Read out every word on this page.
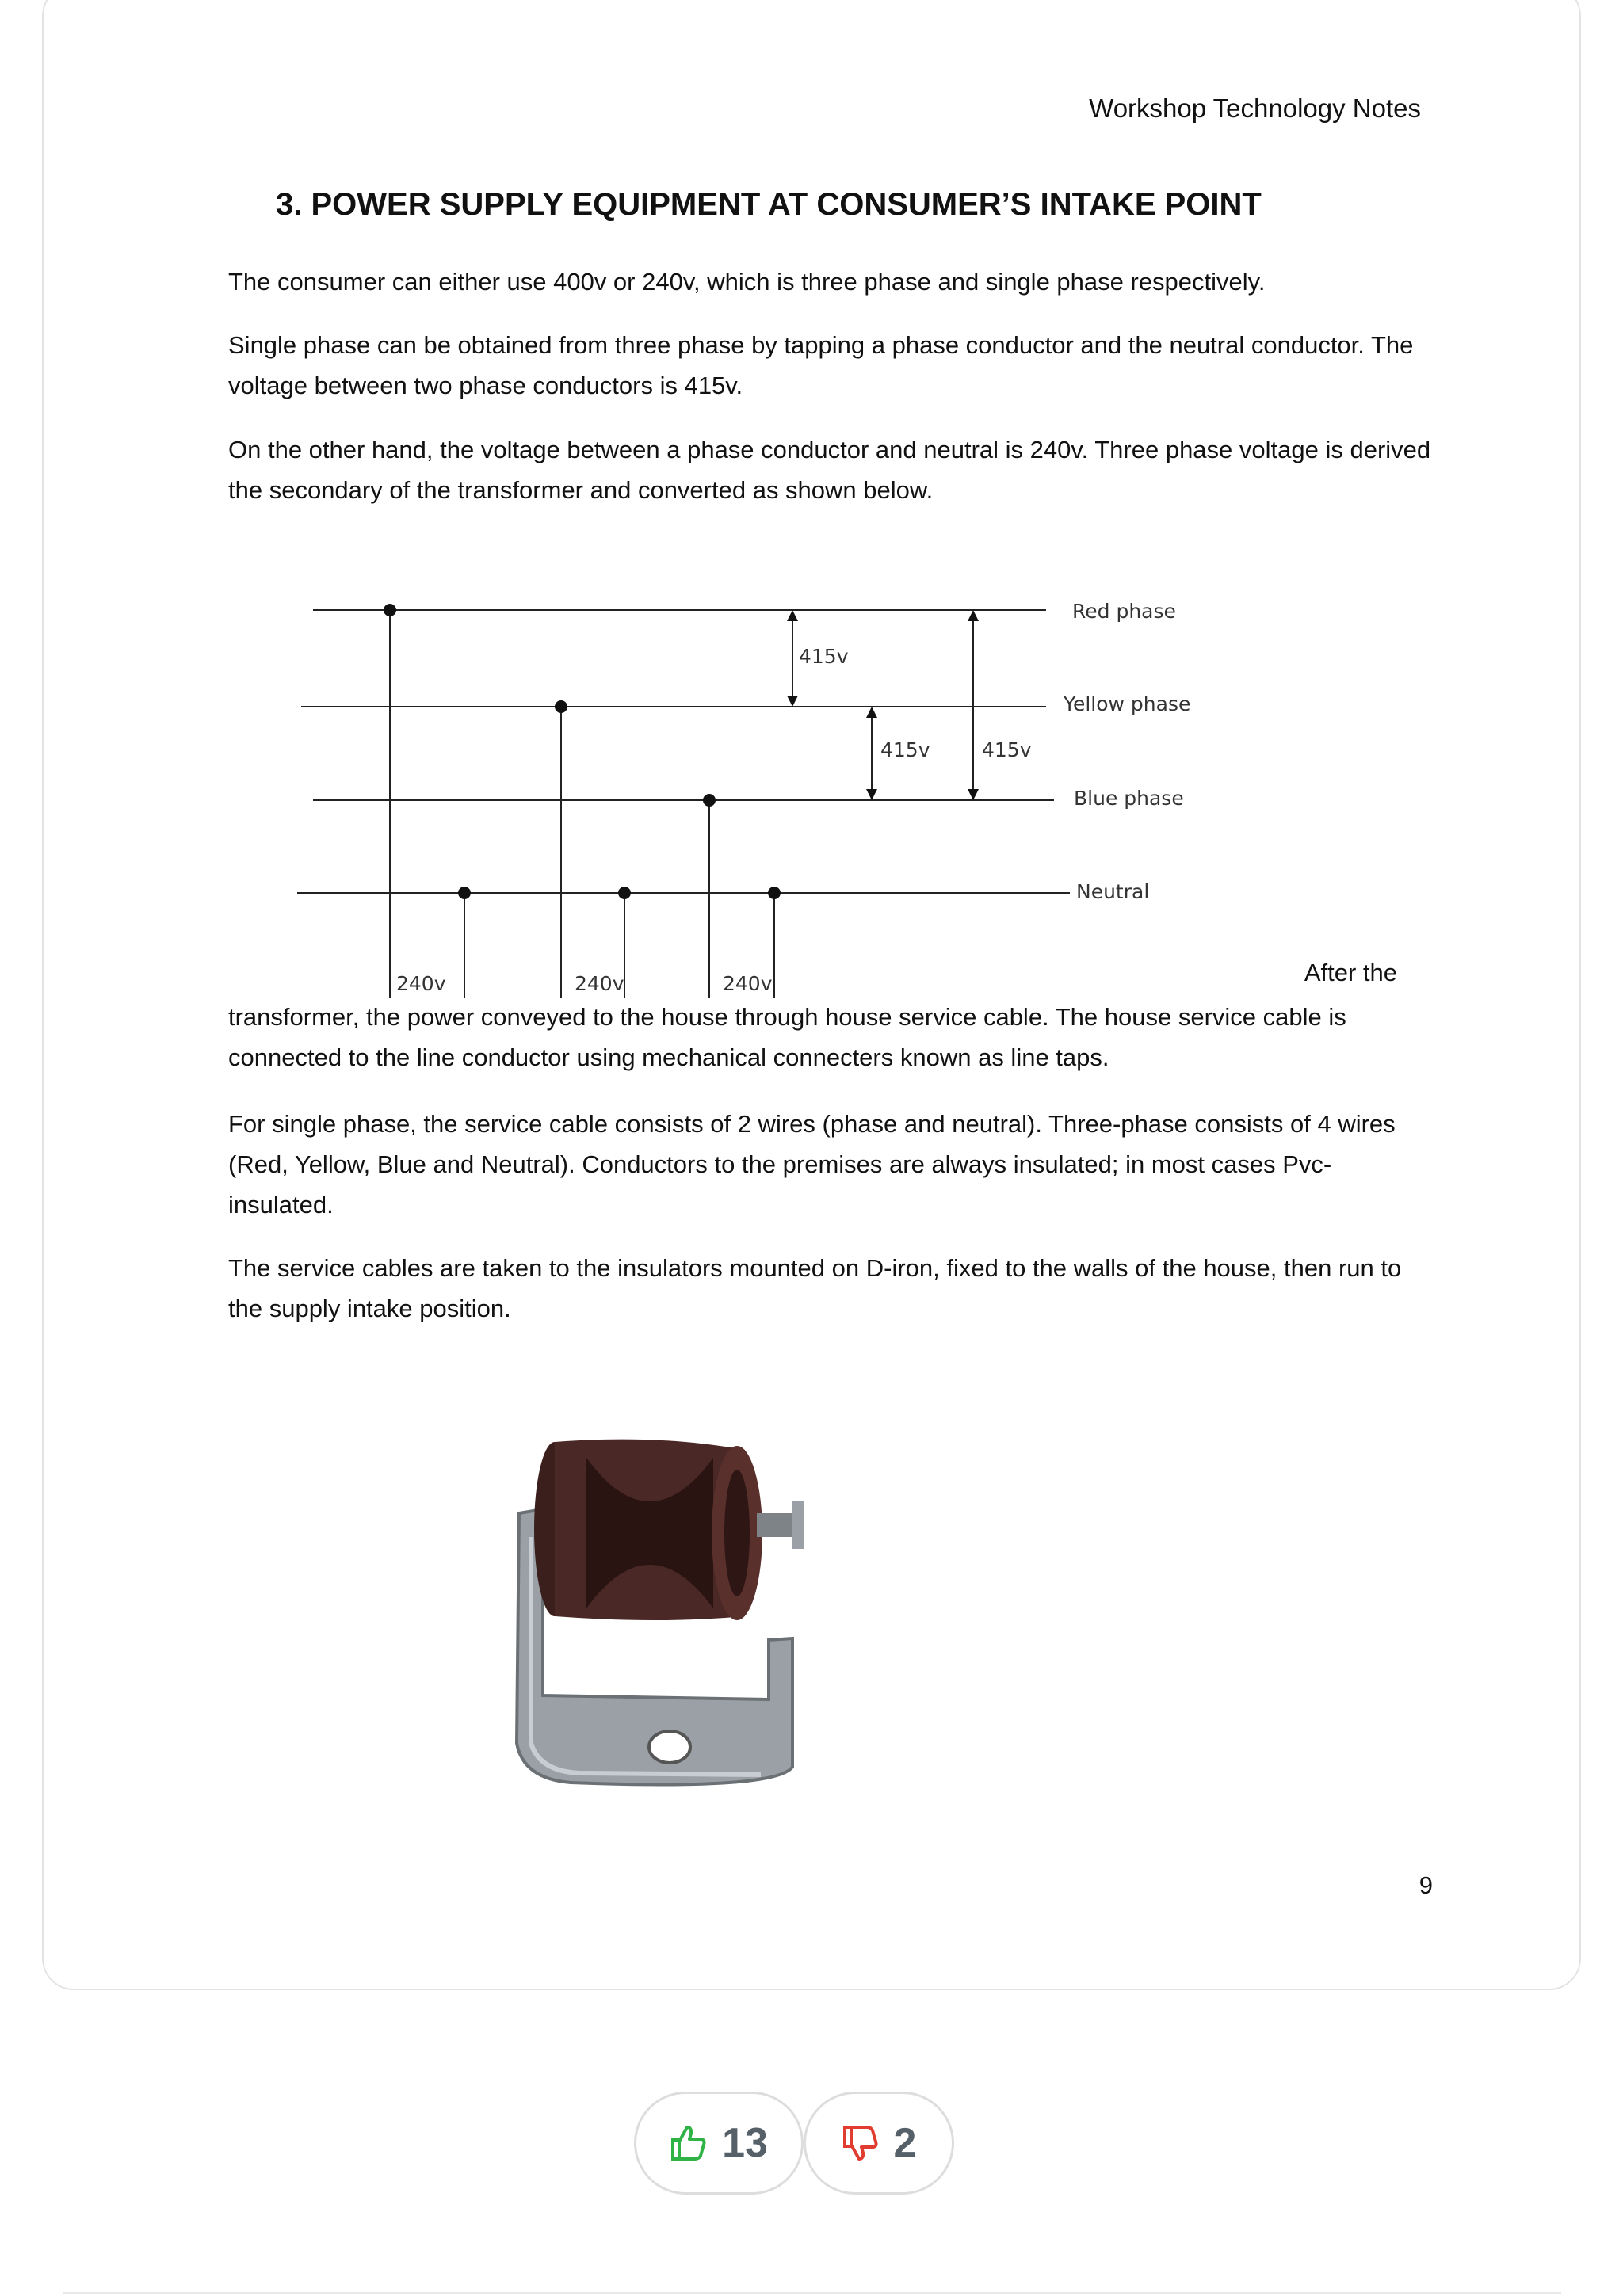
Workshop Technology Notes
3. POWER SUPPLY EQUIPMENT AT CONSUMER’S INTAKE POINT

The consumer can either use 400v or 240v, which is three phase and single phase respectively.

Single phase can be obtained from three phase by tapping a phase conductor and the neutral conductor. The voltage between two phase conductors is 415v.

On the other hand, the voltage between a phase conductor and neutral is 240v. Three phase voltage is derived the secondary of the transformer and converted as shown below.

Red phase
Yellow phase
Blue phase
Neutral
415v
415v	415v
240v	240v	240v	After the

transformer, the power conveyed to the house through house service cable. The house service cable is connected to the line conductor using mechanical connecters known as line taps.

For single phase, the service cable consists of 2 wires (phase and neutral). Three-phase consists of 4 wires (Red, Yellow, Blue and Neutral). Conductors to the premises are always insulated; in most cases Pvc-insulated.

The service cables are taken to the insulators mounted on D-iron, fixed to the walls of the house, then run to the supply intake position.

9
13	2
